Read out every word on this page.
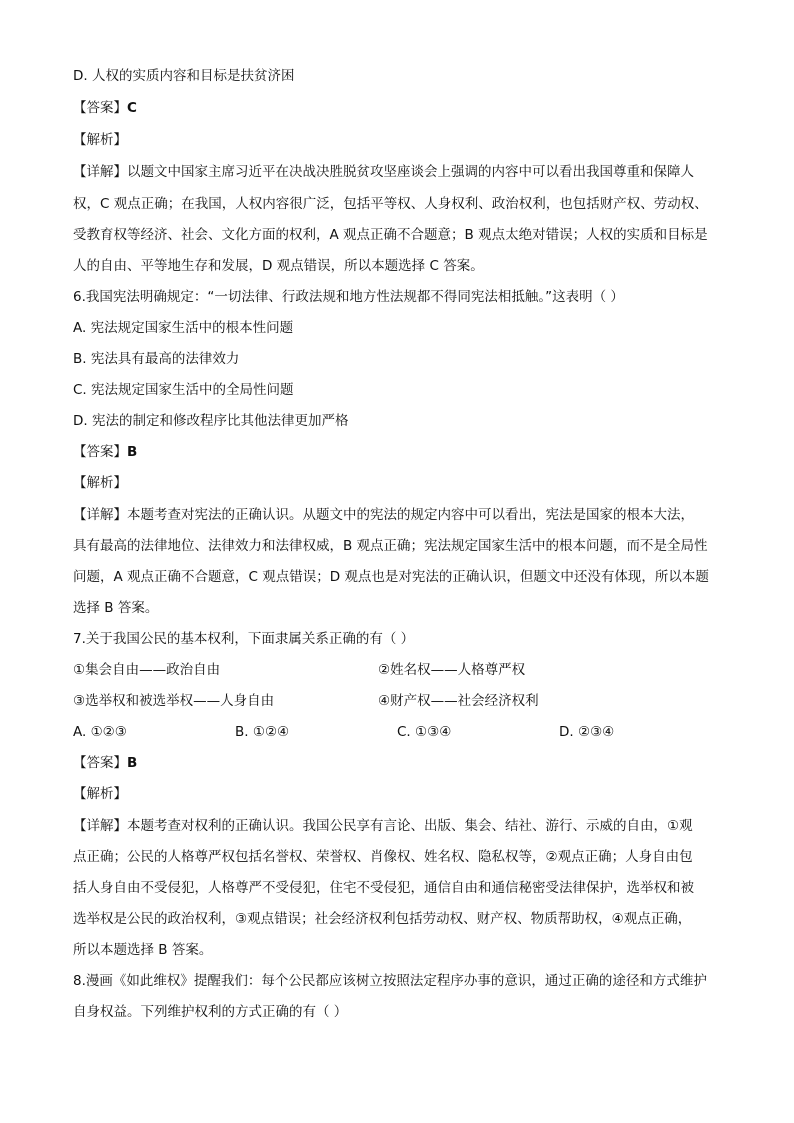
D. 人权的实质内容和目标是扶贫济困
【答案】C
【解析】
【详解】以题文中国家主席习近平在决战决胜脱贫攻坚座谈会上强调的内容中可以看出我国尊重和保障人
权，C 观点正确；在我国，人权内容很广泛，包括平等权、人身权利、政治权利，也包括财产权、劳动权、
受教育权等经济、社会、文化方面的权利，A 观点正确不合题意；B 观点太绝对错误；人权的实质和目标是
人的自由、平等地生存和发展，D 观点错误，所以本题选择 C 答案。
6.我国宪法明确规定：“一切法律、行政法规和地方性法规都不得同宪法相抵触。”这表明（ ）
A. 宪法规定国家生活中的根本性问题
B. 宪法具有最高的法律效力
C. 宪法规定国家生活中的全局性问题
D. 宪法的制定和修改程序比其他法律更加严格
【答案】B
【解析】
【详解】本题考查对宪法的正确认识。从题文中的宪法的规定内容中可以看出，宪法是国家的根本大法，
具有最高的法律地位、法律效力和法律权威，B 观点正确；宪法规定国家生活中的根本问题，而不是全局性
问题，A 观点正确不合题意，C 观点错误；D 观点也是对宪法的正确认识，但题文中还没有体现，所以本题
选择 B 答案。
7.关于我国公民的基本权利，下面隶属关系正确的有（ ）
①集会自由——政治自由	②姓名权——人格尊严权
③选举权和被选举权——人身自由	④财产权——社会经济权利
A. ①②③	B. ①②④	C. ①③④	D. ②③④
【答案】B
【解析】
【详解】本题考查对权利的正确认识。我国公民享有言论、出版、集会、结社、游行、示威的自由，①观
点正确；公民的人格尊严权包括名誉权、荣誉权、肖像权、姓名权、隐私权等，②观点正确；人身自由包
括人身自由不受侵犯，人格尊严不受侵犯，住宅不受侵犯，通信自由和通信秘密受法律保护，选举权和被
选举权是公民的政治权利，③观点错误；社会经济权利包括劳动权、财产权、物质帮助权，④观点正确，
所以本题选择 B 答案。
8.漫画《如此维权》提醒我们：每个公民都应该树立按照法定程序办事的意识，通过正确的途径和方式维护
自身权益。下列维护权利的方式正确的有（ ）
